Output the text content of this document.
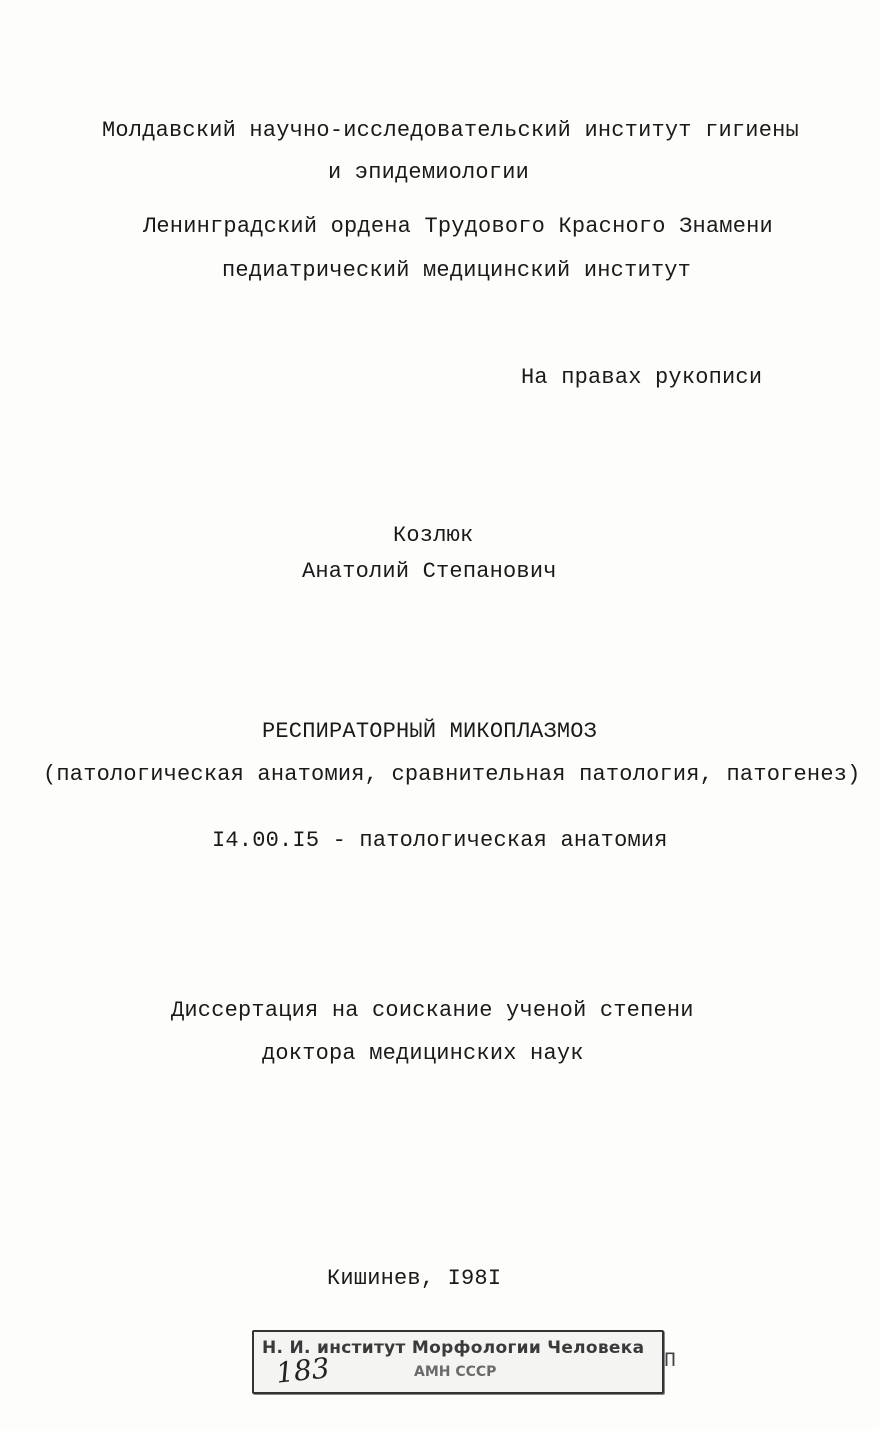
Молдавский научно-исследовательский институт гигиены
и эпидемиологии
Ленинградский ордена Трудового Красного Знамени
педиатрический медицинский институт
На правах рукописи
Козлюк
Анатолий Степанович
РЕСПИРАТОРНЫЙ МИКОПЛАЗМОЗ
(патологическая анатомия, сравнительная патология, патогенез)
I4.00.I5 - патологическая анатомия
Диссертация на соискание ученой степени
доктора медицинских наук
Кишинев, I98I
Н. И. институт Морфологии Человека
АМН СССР
183	П
